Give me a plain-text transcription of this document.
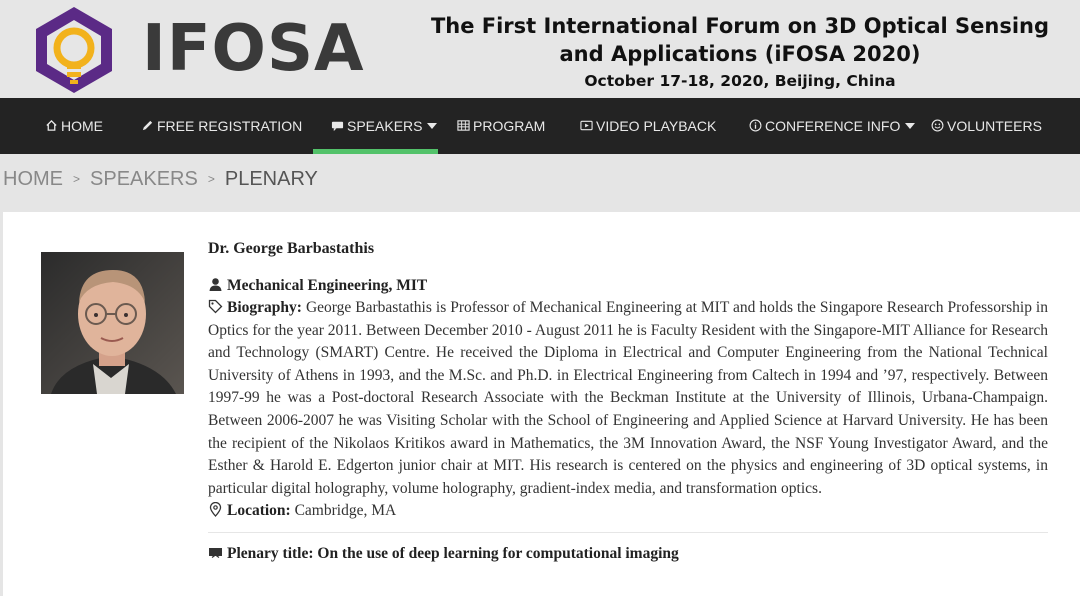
IFOSA	The First International Forum on 3D Optical Sensing
and Applications (iFOSA 2020)
October 17-18, 2020, Beijing, China
HOME	FREE REGISTRATION	SPEAKERS	PROGRAM	VIDEO PLAYBACK	CONFERENCE INFO	VOLUNTEERS
HOME > SPEAKERS > PLENARY
Dr. George Barbastathis
Mechanical Engineering, MIT
Biography: George Barbastathis is Professor of Mechanical Engineering at MIT and holds the Singapore Research Professorship in Optics for the year 2011. Between December 2010 - August 2011 he is Faculty Resident with the Singapore-MIT Alliance for Research and Technology (SMART) Centre. He received the Diploma in Electrical and Computer Engineering from the National Technical University of Athens in 1993, and the M.Sc. and Ph.D. in Electrical Engineering from Caltech in 1994 and ’97, respectively. Between 1997-99 he was a Post-doctoral Research Associate with the Beckman Institute at the University of Illinois, Urbana-Champaign. Between 2006-2007 he was Visiting Scholar with the School of Engineering and Applied Science at Harvard University. He has been the recipient of the Nikolaos Kritikos award in Mathematics, the 3M Innovation Award, the NSF Young Investigator Award, and the Esther & Harold E. Edgerton junior chair at MIT. His research is centered on the physics and engineering of 3D optical systems, in particular digital holography, volume holography, gradient-index media, and transformation optics.
Location: Cambridge, MA
Plenary title: On the use of deep learning for computational imaging
